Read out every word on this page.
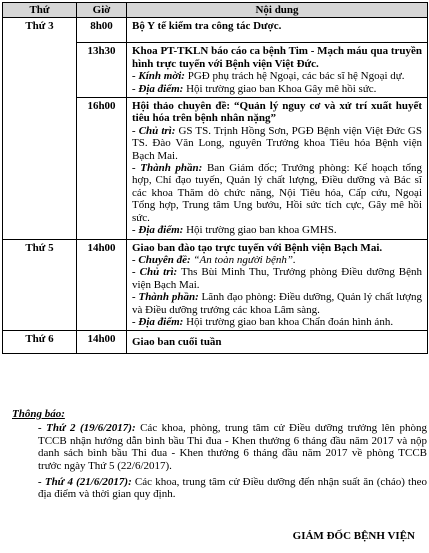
Thứ	Giờ	Nội dung
Thứ 3	8h00	Bộ Y tế kiểm tra công tác Dược.

	13h30	Khoa PT-TKLN báo cáo ca bệnh Tim - Mạch máu qua truyền hình trực tuyến với Bệnh viện Việt Đức.
- Kính mời: PGĐ phụ trách hệ Ngoại, các bác sĩ hệ Ngoại dự.
- Địa điểm: Hội trường giao ban Khoa Gây mê hồi sức.

	16h00	Hội thảo chuyên đề: “Quản lý nguy cơ và xử trí xuất huyết tiêu hóa trên bệnh nhân nặng”
- Chủ trì: GS TS. Trịnh Hồng Sơn, PGĐ Bệnh viện Việt Đức GS TS. Đào Văn Long, nguyên Trưởng khoa Tiêu hóa Bệnh viện Bạch Mai.
- Thành phần: Ban Giám đốc; Trưởng phòng: Kế hoạch tổng hợp, Chỉ đạo tuyến, Quản lý chất lượng, Điều dưỡng và Bác sĩ các khoa Thăm dò chức năng, Nội Tiêu hóa, Cấp cứu, Ngoại Tổng hợp, Trung tâm Ung bướu, Hồi sức tích cực, Gây mê hồi sức.
- Địa điểm: Hội trường giao ban khoa GMHS.

Thứ 5	14h00	Giao ban đào tạo trực tuyến với Bệnh viện Bạch Mai.
- Chuyên đề: “An toàn người bệnh”.
- Chủ trì: Ths Bùi Minh Thu, Trưởng phòng Điều dưỡng Bệnh viện Bạch Mai.
- Thành phần: Lãnh đạo phòng: Điều dưỡng, Quản lý chất lượng và Điều dưỡng trưởng các khoa Lâm sàng.
- Địa điểm: Hội trường giao ban khoa Chẩn đoán hình ảnh.

Thứ 6	14h00	Giao ban cuối tuần
Thông báo:
- Thứ 2 (19/6/2017): Các khoa, phòng, trung tâm cử Điều dưỡng trưởng lên phòng TCCB nhận hướng dẫn bình bầu Thi đua - Khen thưởng 6 tháng đầu năm 2017 và nộp danh sách bình bầu Thi đua - Khen thưởng 6 tháng đầu năm 2017 về phòng TCCB trước ngày Thứ 5 (22/6/2017).
- Thứ 4 (21/6/2017): Các khoa, trung tâm cử Điều dưỡng đến nhận suất ăn (cháo) theo địa điểm và thời gian quy định.
GIÁM ĐỐC BỆNH VIỆN
